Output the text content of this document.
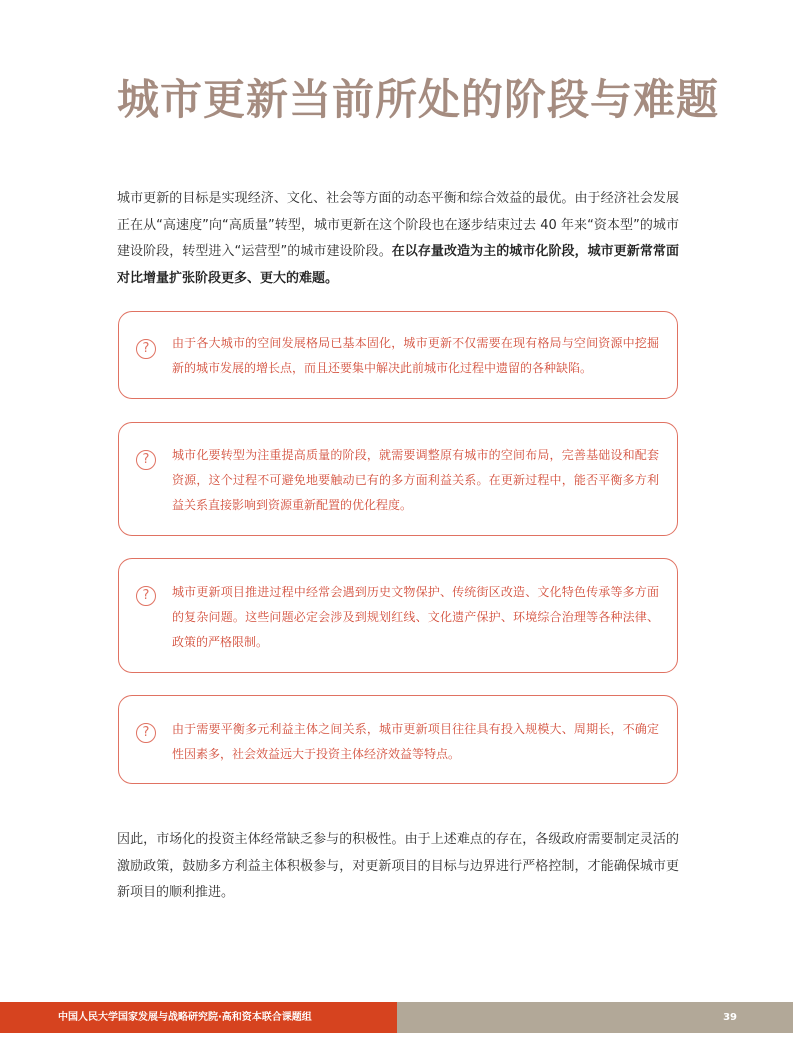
城市更新当前所处的阶段与难题
城市更新的目标是实现经济、文化、社会等方面的动态平衡和综合效益的最优。由于经济社会发展正在从“高速度”向“高质量”转型，城市更新在这个阶段也在逐步结束过去 40 年来“资本型”的城市建设阶段，转型进入“运营型”的城市建设阶段。在以存量改造为主的城市化阶段，城市更新常常面对比增量扩张阶段更多、更大的难题。
?	由于各大城市的空间发展格局已基本固化，城市更新不仅需要在现有格局与空间资源中挖掘新的城市发展的增长点，而且还要集中解决此前城市化过程中遗留的各种缺陷。
?	城市化要转型为注重提高质量的阶段，就需要调整原有城市的空间布局，完善基础设和配套资源，这个过程不可避免地要触动已有的多方面利益关系。在更新过程中，能否平衡多方利益关系直接影响到资源重新配置的优化程度。
?	城市更新项目推进过程中经常会遇到历史文物保护、传统街区改造、文化特色传承等多方面的复杂问题。这些问题必定会涉及到规划红线、文化遗产保护、环境综合治理等各种法律、政策的严格限制。
?	由于需要平衡多元利益主体之间关系，城市更新项目往往具有投入规模大、周期长，不确定性因素多，社会效益远大于投资主体经济效益等特点。
因此，市场化的投资主体经常缺乏参与的积极性。由于上述难点的存在，各级政府需要制定灵活的激励政策，鼓励多方利益主体积极参与，对更新项目的目标与边界进行严格控制，才能确保城市更新项目的顺利推进。
中国人民大学国家发展与战略研究院·高和资本联合课题组	39
